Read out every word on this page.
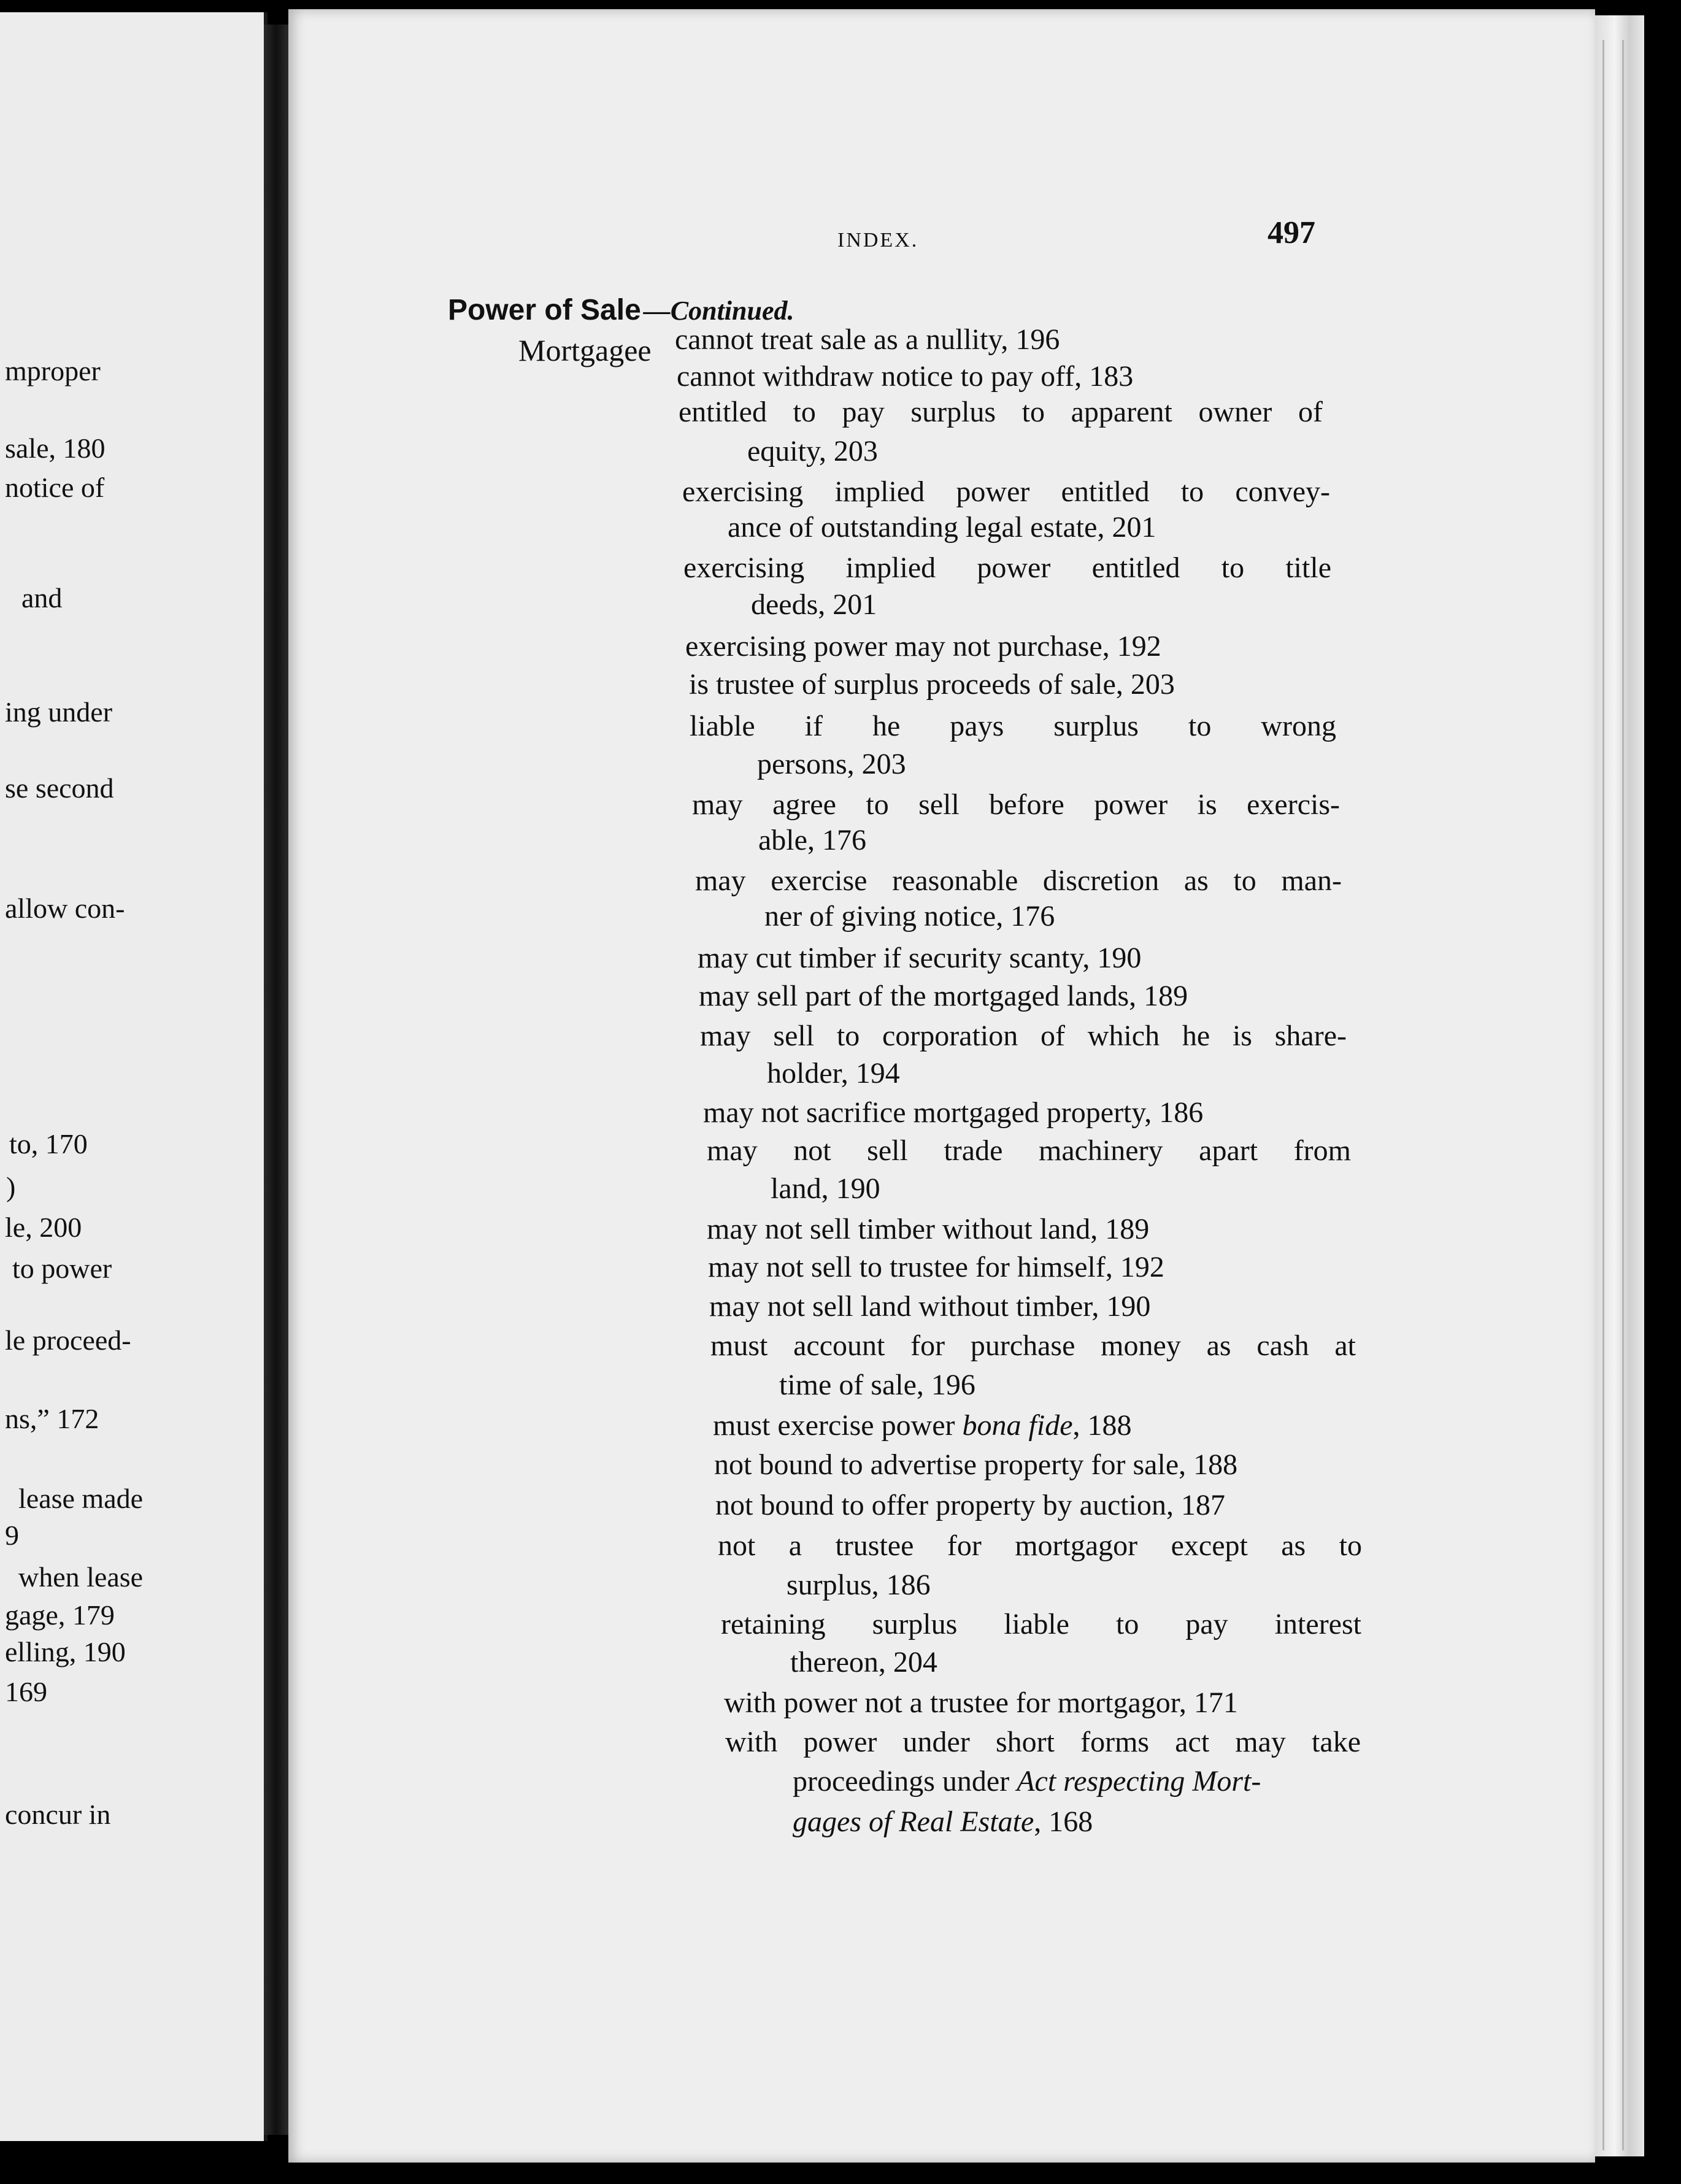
mproper
sale, 180
notice of
and
ing under
se second
allow con-
to, 170
)
le, 200
to power
le proceed-
ns,” 172
lease made
9
when lease
gage, 179
elling, 190
169
concur in
INDEX.	497
Power of Sale —Continued.
Mortgagee cannot treat sale as a nullity, 196
cannot withdraw notice to pay off, 183
entitled to pay surplus to apparent owner of
equity, 203
exercising implied power entitled to convey-
ance of outstanding legal estate, 201
exercising implied power entitled to title
deeds, 201
exercising power may not purchase, 192
is trustee of surplus proceeds of sale, 203
liable if he pays surplus to wrong
persons, 203
may agree to sell before power is exercis-
able, 176
may exercise reasonable discretion as to man-
ner of giving notice, 176
may cut timber if security scanty, 190
may sell part of the mortgaged lands, 189
may sell to corporation of which he is share-
holder, 194
may not sacrifice mortgaged property, 186
may not sell trade machinery apart from
land, 190
may not sell timber without land, 189
may not sell to trustee for himself, 192
may not sell land without timber, 190
must account for purchase money as cash at
time of sale, 196
must exercise power bona fide, 188
not bound to advertise property for sale, 188
not bound to offer property by auction, 187
not a trustee for mortgagor except as to
surplus, 186
retaining surplus liable to pay interest
thereon, 204
with power not a trustee for mortgagor, 171
with power under short forms act may take
proceedings under Act respecting Mort-
gages of Real Estate, 168
